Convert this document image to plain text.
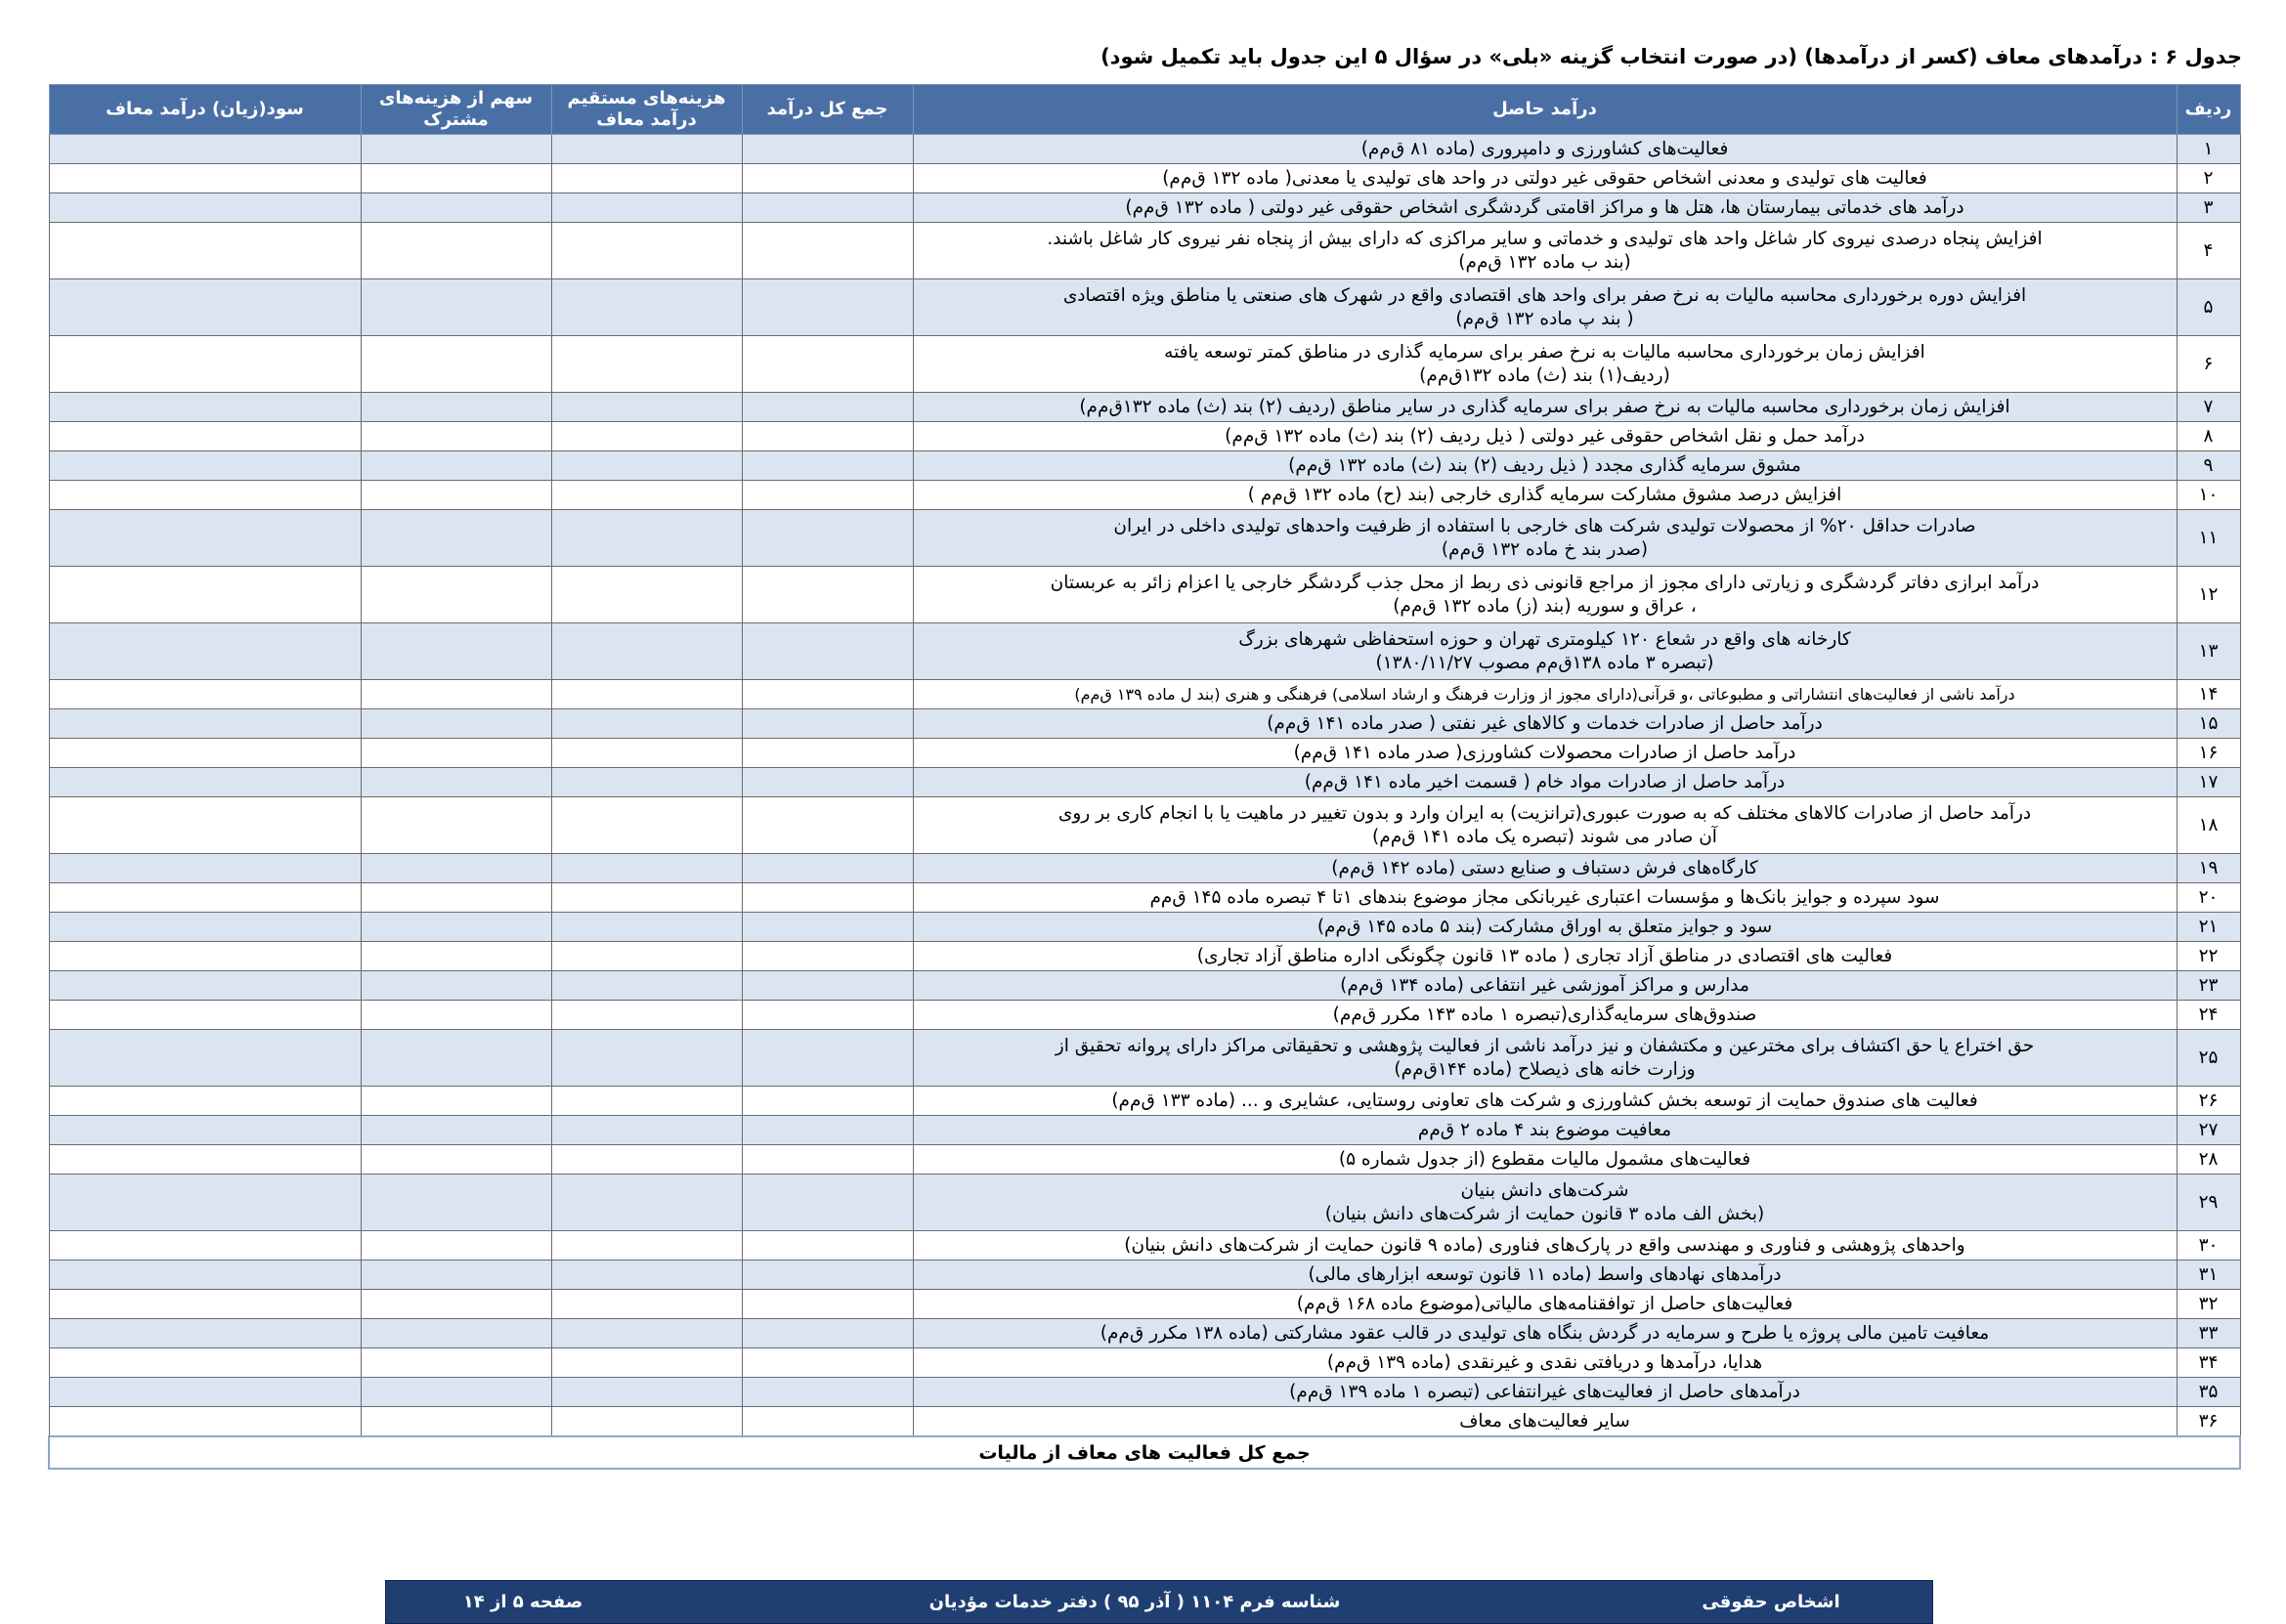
جدول ۶ : درآمدهای معاف (کسر از درآمدها) (در صورت انتخاب گزینه «بلی» در سؤال ۵ این جدول باید تکمیل شود)
ردیف	درآمد حاصل	جمع کل درآمد	هزینه‌های مستقیم درآمد معاف	سهم از هزینه‌های مشترک	سود(زیان) درآمد معاف
۱	فعالیت‌های کشاورزی و دامپروری (ماده ۸۱ ق‌م‌م)				

۲	فعالیت های تولیدی و معدنی اشخاص حقوقی غیر دولتی در واحد های تولیدی یا معدنی( ماده ۱۳۲ ق‌م‌م)				

۳	درآمد های خدماتی بیمارستان ها، هتل ها و مراکز اقامتی گردشگری اشخاص حقوقی غیر دولتی ( ماده ۱۳۲ ق‌م‌م)				

۴	افزایش پنجاه درصدی نیروی کار شاغل واحد های تولیدی و خدماتی و سایر مراکزی که دارای بیش از پنجاه نفر نیروی کار شاغل باشند.
(بند ب ماده ۱۳۲ ق‌م‌م)				

۵	افزایش دوره برخورداری محاسبه مالیات به نرخ صفر برای واحد های اقتصادی واقع در شهرک های صنعتی یا مناطق ویژه اقتصادی
( بند پ ماده ۱۳۲ ق‌م‌م)				

۶	افزایش زمان برخورداری محاسبه مالیات به نرخ صفر برای سرمایه گذاری در مناطق کمتر توسعه یافته
(ردیف(۱) بند (ث) ماده ۱۳۲ق‌م‌م)				

۷	افزایش زمان برخورداری محاسبه مالیات به نرخ صفر برای سرمایه گذاری در سایر مناطق (ردیف (۲) بند (ث) ماده ۱۳۲ق‌م‌م)				

۸	درآمد حمل و نقل اشخاص حقوقی غیر دولتی ( ذیل ردیف (۲) بند (ث) ماده ۱۳۲ ق‌م‌م)				

۹	مشوق سرمایه گذاری مجدد ( ذیل ردیف (۲) بند (ث) ماده ۱۳۲ ق‌م‌م)				

۱۰	افزایش درصد مشوق مشارکت سرمایه گذاری خارجی (بند (ح) ماده ۱۳۲ ق‌م‌م )				

۱۱	صادرات حداقل ۲۰% از محصولات تولیدی شرکت های خارجی با استفاده از ظرفیت واحدهای تولیدی داخلی در ایران
(صدر بند خ ماده ۱۳۲ ق‌م‌م)				

۱۲	درآمد ابرازی دفاتر گردشگری و زیارتی دارای مجوز از مراجع قانونی ذی ربط از محل جذب گردشگر خارجی یا اعزام زائر به عربستان
، عراق و سوریه (بند (ز) ماده ۱۳۲ ق‌م‌م)				

۱۳	کارخانه های واقع در شعاع ۱۲۰ کیلومتری تهران و حوزه استحفاظی شهرهای بزرگ
(تبصره ۳ ماده ۱۳۸ق‌م‌م مصوب ۱۳۸۰/۱۱/۲۷)				

۱۴	درآمد ناشی از فعالیت‌های انتشاراتی و مطبوعاتی ،و قرآنی(دارای مجوز از وزارت فرهنگ و ارشاد اسلامی) فرهنگی و هنری (بند ل ماده ۱۳۹ ق‌م‌م)				

۱۵	درآمد حاصل از صادرات خدمات و کالاهای غیر نفتی ( صدر ماده ۱۴۱ ق‌م‌م)				

۱۶	درآمد حاصل از صادرات محصولات کشاورزی( صدر ماده ۱۴۱ ق‌م‌م)				

۱۷	درآمد حاصل از صادرات مواد خام ( قسمت اخیر ماده ۱۴۱ ق‌م‌م)				

۱۸	درآمد حاصل از صادرات کالاهای مختلف که به صورت عبوری(ترانزیت) به ایران وارد و بدون تغییر در ماهیت یا با انجام کاری بر روی
آن صادر می شوند (تبصره یک ماده ۱۴۱ ق‌م‌م)				

۱۹	کارگاه‌های فرش دستباف و صنایع دستی (ماده ۱۴۲ ق‌م‌م)				

۲۰	سود سپرده و جوایز بانک‌ها و مؤسسات اعتباری غیربانکی مجاز موضوع بندهای ۱تا ۴ تبصره ماده ۱۴۵ ق‌م‌م				

۲۱	سود و جوایز متعلق به اوراق مشارکت (بند ۵ ماده ۱۴۵ ق‌م‌م)				

۲۲	فعالیت های اقتصادی در مناطق آزاد تجاری ( ماده ۱۳ قانون چگونگی اداره مناطق آزاد تجاری)				

۲۳	مدارس و مراکز آموزشی غیر انتفاعی (ماده ۱۳۴ ق‌م‌م)				

۲۴	صندوق‌های سرمایه‌گذاری(تبصره ۱ ماده ۱۴۳ مکرر ق‌م‌م)				

۲۵	حق اختراع یا حق اکتشاف برای مخترعین و مکتشفان و نیز درآمد ناشی از فعالیت پژوهشی و تحقیقاتی مراکز دارای پروانه تحقیق از
وزارت خانه های ذیصلاح (ماده ۱۴۴ق‌م‌م)				

۲۶	فعالیت های صندوق حمایت از توسعه بخش کشاورزی و شرکت های تعاونی روستایی، عشایری و ... (ماده ۱۳۳ ق‌م‌م)				

۲۷	معافیت موضوع بند ۴ ماده ۲ ق‌م‌م				

۲۸	فعالیت‌های مشمول مالیات مقطوع (از جدول شماره ۵)				

۲۹	شرکت‌های دانش بنیان
(بخش الف ماده ۳ قانون حمایت از شرکت‌های دانش بنیان)				

۳۰	واحدهای پژوهشی و فناوری و مهندسی واقع در پارک‌های فناوری (ماده ۹ قانون حمایت از شرکت‌های دانش بنیان)				

۳۱	درآمدهای نهادهای واسط (ماده ۱۱ قانون توسعه ابزارهای مالی)				

۳۲	فعالیت‌های حاصل از توافقنامه‌های مالیاتی(موضوع ماده ۱۶۸ ق‌م‌م)				

۳۳	معافیت تامین مالی پروژه یا طرح و سرمایه در گردش بنگاه های تولیدی در قالب عقود مشارکتی (ماده ۱۳۸ مکرر ق‌م‌م)				

۳۴	هدایا، درآمدها و دریافتی نقدی و غیرنقدی (ماده ۱۳۹ ق‌م‌م)				

۳۵	درآمدهای حاصل از فعالیت‌های غیرانتفاعی (تبصره ۱ ماده ۱۳۹ ق‌م‌م)				

۳۶	سایر فعالیت‌های معاف				

جمع کل فعالیت های معاف از مالیات					
اشخاص حقوقی
شناسه فرم ۱۱۰۴ ( آذر ۹۵ ) دفتر خدمات مؤدیان
صفحه ۵ از ۱۴
